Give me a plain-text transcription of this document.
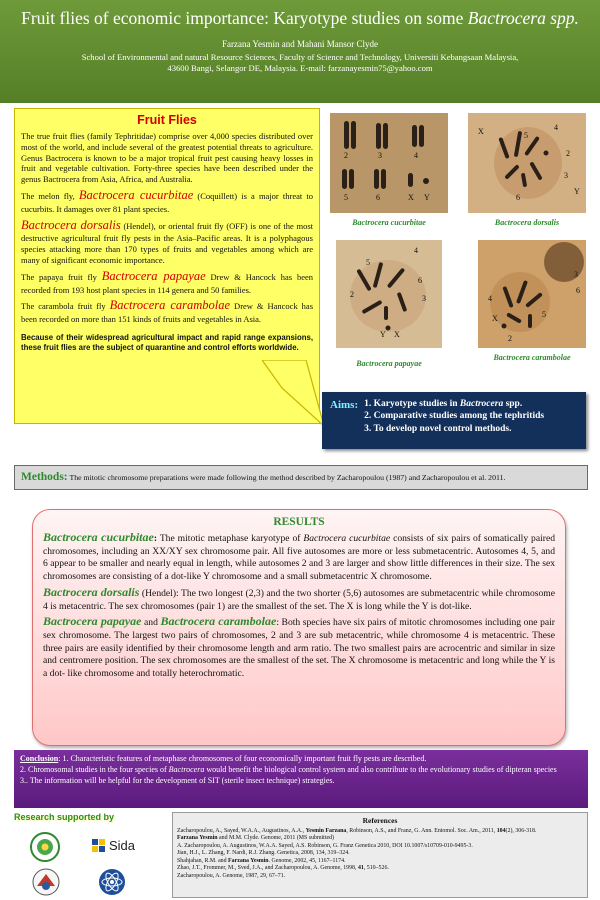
Fruit flies of economic importance: Karyotype studies on some Bactrocera spp.
Farzana Yesmin and Mahani Mansor Clyde
School of Environmental and natural Resource Sciences, Faculty of Science and Technology, Universiti Kebangsaan Malaysia,
43600 Bangi, Selangor DE, Malaysia. E-mail: farzanayesmin75@yahoo.com
Fruit Flies

The true fruit flies (family Tephritidae) comprise over 4,000 species distributed over most of the world, and include several of the greatest potential threats to agriculture. Genus Bactrocera is known to be a major tropical fruit pest causing heavy losses in fruit and vegetable cultivation. Forty-three species have been described under the genus Bactrocera from Asia, Africa, and Australia.

The melon fly, Bactrocera cucurbitae (Coquillett) is a major threat to cucurbits. It damages over 81 plant species.

Bactrocera dorsalis (Hendel), or oriental fruit fly (OFF) is one of the most destructive agricultural fruit fly pests in the Asia–Pacific areas. It is a polyphagous species attacking more than 170 types of fruits and vegetables among which are many of significant economic importance.

The papaya fruit fly Bactrocera papayae Drew & Hancock has been recorded from 193 host plant species in 114 genera and 50 families.

The carambola fruit fly Bactrocera carambolae Drew & Hancock has been recorded on more than 151 kinds of fruits and vegetables in Asia.

Because of their widespread agricultural impact and rapid range expansions, these fruit flies are the subject of quarantine and control efforts worldwide.

2	3	4
5	6	X Y
Bactrocera cucurbitae
X	5
4
2
3
Y
6
Bactrocera dorsalis
4
5
2	3
6
Y X
Bactrocera papayae
3
6
4
5
X
2
Bactrocera carambolae
Aims: 1. Karyotype studies in Bactrocera spp.
2. Comparative studies among the tephritids
3. To develop novel control methods.
Methods: The mitotic chromosome preparations were made following the method described by Zacharopoulou (1987) and Zacharopoulou et al. 2011.
RESULTS

Bactrocera cucurbitae: The mitotic metaphase karyotype of Bactrocera cucurbitae consists of six pairs of somatically paired chromosomes, including an XX/XY sex chromosome pair. All five autosomes are more or less submetacentric. Autosomes 4, 5, and 6 appear to be smaller and nearly equal in length, while autosomes 2 and 3 are larger and show little differences in their size. The sex chromosomes are consisting of a dot-like Y chromosome and a small submetacentric X chromosome.

Bactrocera dorsalis (Hendel): The two longest (2,3) and the two shorter (5,6) autosomes are submetacentric while chromosome 4 is metacentric. The sex chromosomes (pair 1) are the smallest of the set. The X is long while the Y is dot-like.

Bactrocera papayae and Bactrocera carambolae: Both species have six pairs of mitotic chromosomes including one pair sex chromosome. The largest two pairs of chromosomes, 2 and 3 are sub metacentric, while chromosome 4 is metacentric. These three pairs are easily identified by their chromosome length and arm ratio. The two smallest pairs are acrocentric and similar in size and centromere position. The sex chromosomes are the smallest of the set. The X chromosome is metacentric and long while the Y is a dot- like chromosome and totally heterochromatic.

Conclusion: 1. Characteristic features of metaphase chromosomes of four economically important fruit fly pests are described.
2. Chromosomal studies in the four species of Bactrocera would benefit the biological control system and also contribute to the evolutionary studies of dipteran species
3.. The information will be helpful for the development of SIT (sterile insect technique) strategies.
Research supported by
Sida
References
Zacharopoulou, A., Sayed, W.A.A., Augustinos, A.A., Yesmin Farzana, Robinson, A.S., and Franz, G. Ann. Entomol. Soc. Am., 2011, 104(2), 306-318.
Farzana Yesmin and M.M. Clyde. Genome, 2011 (MS submitted)
A. Zacharopoulou, A. Augustinos, W.A.A. Sayed, A.S. Robinson, G. Franz Genetica 2010, DOI 10.1007/s10709-010-9495-3.
Jian, H.J., L. Zhang, F. Nardi, R.J. Zhang. Genetica, 2008, 134, 319–324.
Shahjahan, R.M. and Farzana Yesmin. Genome, 2002, 45, 1167–1174.
Zhao, J.T., Frommer, M., Sved, J.A., and Zacharopoulou, A. Genome, 1998, 41, 510–526.
Zacharopoulou, A. Genome, 1987, 29, 67–71.
